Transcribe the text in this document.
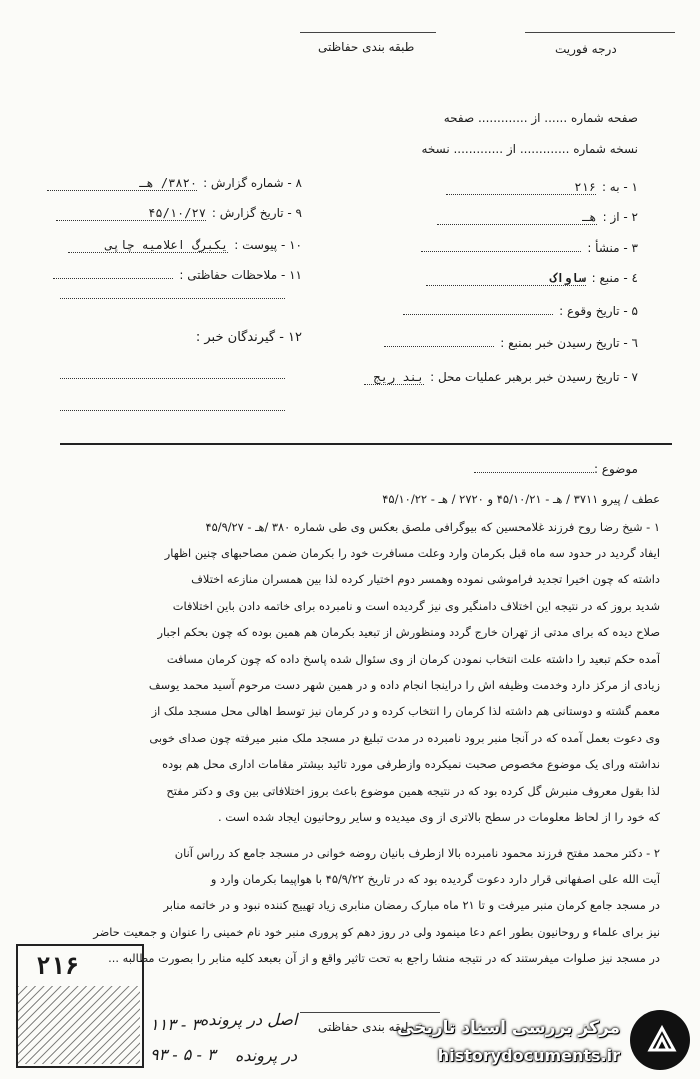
طبقه بندی حفاظتی	درجه فوریت
صفحه شماره ...... از ............. صفحه
نسخه شماره ............. از ............. نسخه
۱ - به :۲۱۶
۲ - از :هـ
۳ - منشأ :
٤ - منبع :ساواک
۵ - تاریخ وقوع :
٦ - تاریخ رسیدن خبر بمنبع :
۷ - تاریخ رسیدن خبر برهبر عملیات محل :بند ریج
۸ - شماره گزارش :۳۸۲۰/ هـ
۹ - تاریخ گزارش :۴۵/۱۰/۲۷
۱۰ - پیوست :یکبرگ اعلامیه چاپی
۱۱ - ملاحظات حفاظتی :
۱۲ - گیرندگان خبر :
موضوع :
عطف / پیرو ۳۷۱۱ / هـ - ۴۵/۱۰/۲۱ و ۲۷۲۰ / هـ - ۴۵/۱۰/۲۲
۱ - شیخ رضا روح فرزند غلامحسین که بیوگرافی ملصق بعکس وی طی شماره ۳۸۰ /هـ - ۴۵/۹/۲۷
ایفاد گردید در حدود سه ماه قبل بکرمان وارد وعلت مسافرت خود را بکرمان ضمن مصاحبهای چنین اظهار
داشته که چون اخیرا تجدید فراموشی نموده وهمسر دوم اختیار کرده لذا بین همسران منازعه اختلاف
شدید بروز که در نتیجه این اختلاف دامنگیر وی نیز گردیده است و نامبرده برای خاتمه دادن باین اختلافات
صلاح دیده که برای مدتی از تهران خارج گردد ومنظورش از تبعید بکرمان هم همین بوده که چون بحکم اجبار
آمده حکم تبعید را داشته علت انتخاب نمودن کرمان از وی سئوال شده پاسخ داده که چون کرمان مسافت
زیادی از مرکز دارد وخدمت وظیفه اش را دراینجا انجام داده و در همین شهر دست مرحوم آسید محمد یوسف
معمم گشته و دوستانی هم داشته لذا کرمان را انتخاب کرده و در کرمان نیز توسط اهالی محل مسجد ملک از
وی دعوت بعمل آمده که در آنجا منبر برود نامبرده در مدت تبلیغ در مسجد ملک منبر میرفته چون صدای خوبی
نداشته ورای یک موضوع مخصوص صحبت نمیکرده وازطرفی مورد تائید بیشتر مقامات اداری محل هم بوده
لذا بقول معروف منبرش گل کرده بود که در نتیجه همین موضوع باعث بروز اختلافاتی بین وی و دکتر مفتح
که خود را از لحاظ معلومات در سطح بالاتری از وی میدیده و سایر روحانیون ایجاد شده است .
۲ - دکتر محمد مفتح فرزند محمود نامبرده بالا ازطرف بانیان روضه خوانی در مسجد جامع کد رراس آنان
آیت الله علی اصفهانی قرار دارد دعوت گردیده بود که در تاریخ ۴۵/۹/۲۲ با هواپیما بکرمان وارد و
در مسجد جامع کرمان منبر میرفت و تا ۲۱ ماه مبارک رمضان منابری زیاد تهییج کننده نبود و در خاتمه منابر
نیز برای علماء و روحانیون بطور اعم دعا مینمود ولی در روز دهم کو پروری منبر خود نام خمینی را عنوان و جمعیت حاضر
در مسجد نیز صلوات میفرستند که در نتیجه منشا راجع به تحت تاثیر واقع و از آن بعبعد کلیه منابر را بصورت مطالبه ...
طبقه بندی حفاظتی
۲۱۶
اصل در پرونده
۳ - ۱۱۳
در پرونده
۹۳ - ۵ - ۳
مرکز بررسی اسناد تاریخی
historydocuments.ir
